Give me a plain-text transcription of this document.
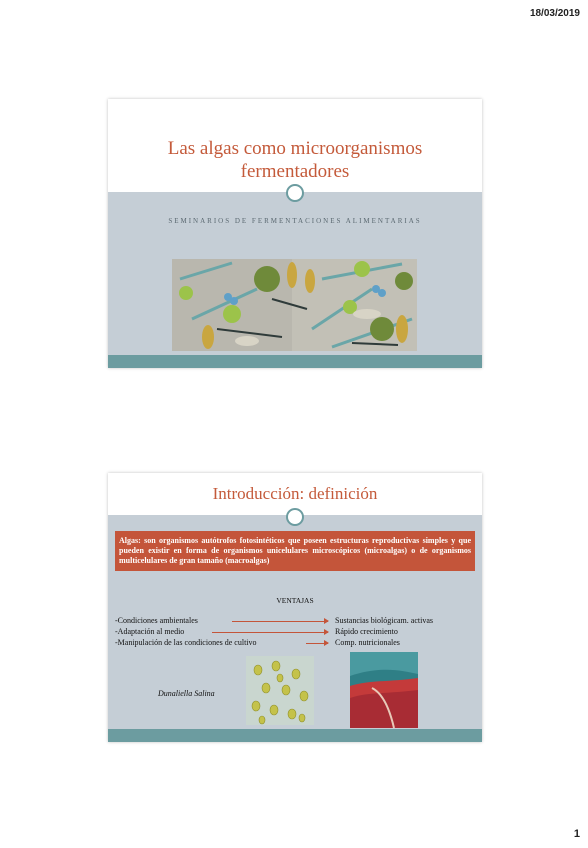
18/03/2019
Las algas como microorganismos fermentadores
SEMINARIOS DE FERMENTACIONES ALIMENTARIAS
Introducción: definición
Algas: son organismos autótrofos fotosintéticos que poseen estructuras reproductivas simples y que pueden existir en forma de organismos unicelulares microscópicos (microalgas) o de organismos multicelulares de gran tamaño (macroalgas)
VENTAJAS
-Condiciones ambientales	Sustancias biológicam. activas
-Adaptación al medio	Rápido crecimiento
-Manipulación de las condiciones de cultivo	Comp. nutricionales
Dunaliella Salina
1
